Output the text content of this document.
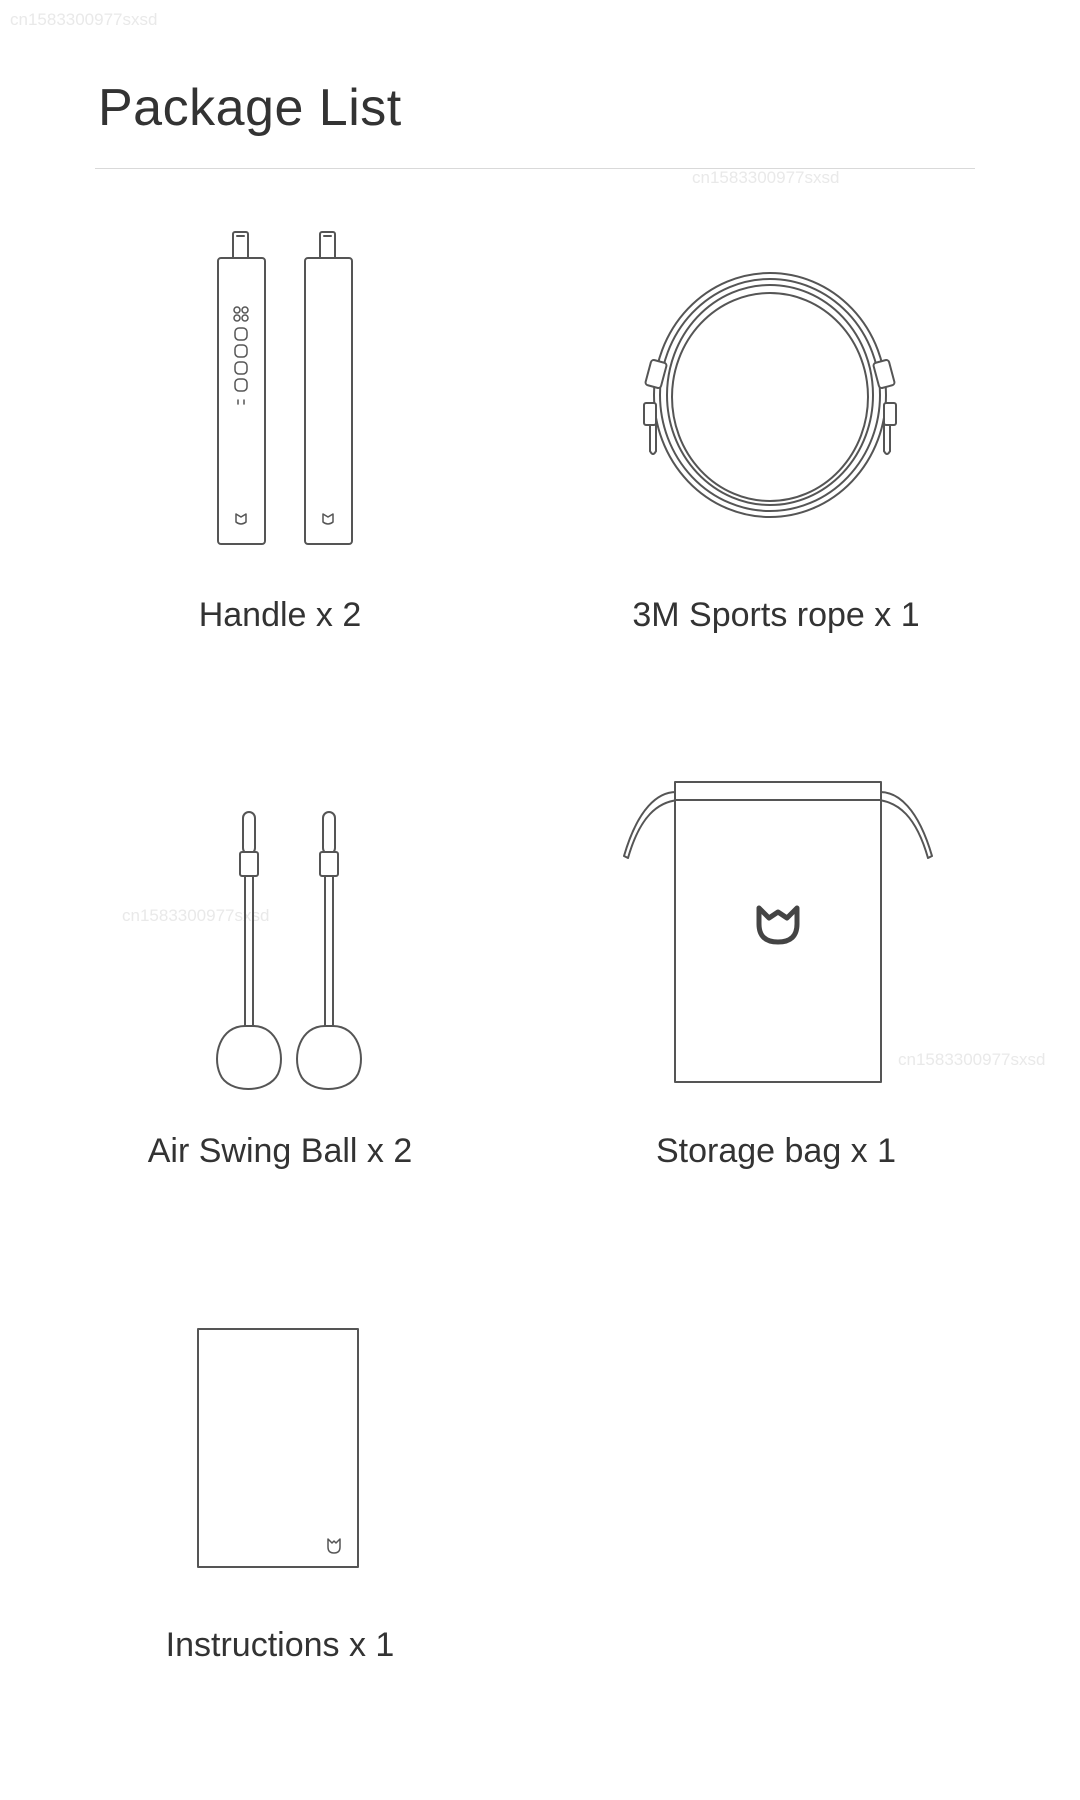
cn1583300977sxsd
cn1583300977sxsd
cn1583300977sxsd
cn1583300977sxsd
Package List
Handle x 2	3M Sports rope x 1
Air Swing Ball x 2	Storage bag x 1
Instructions x 1
